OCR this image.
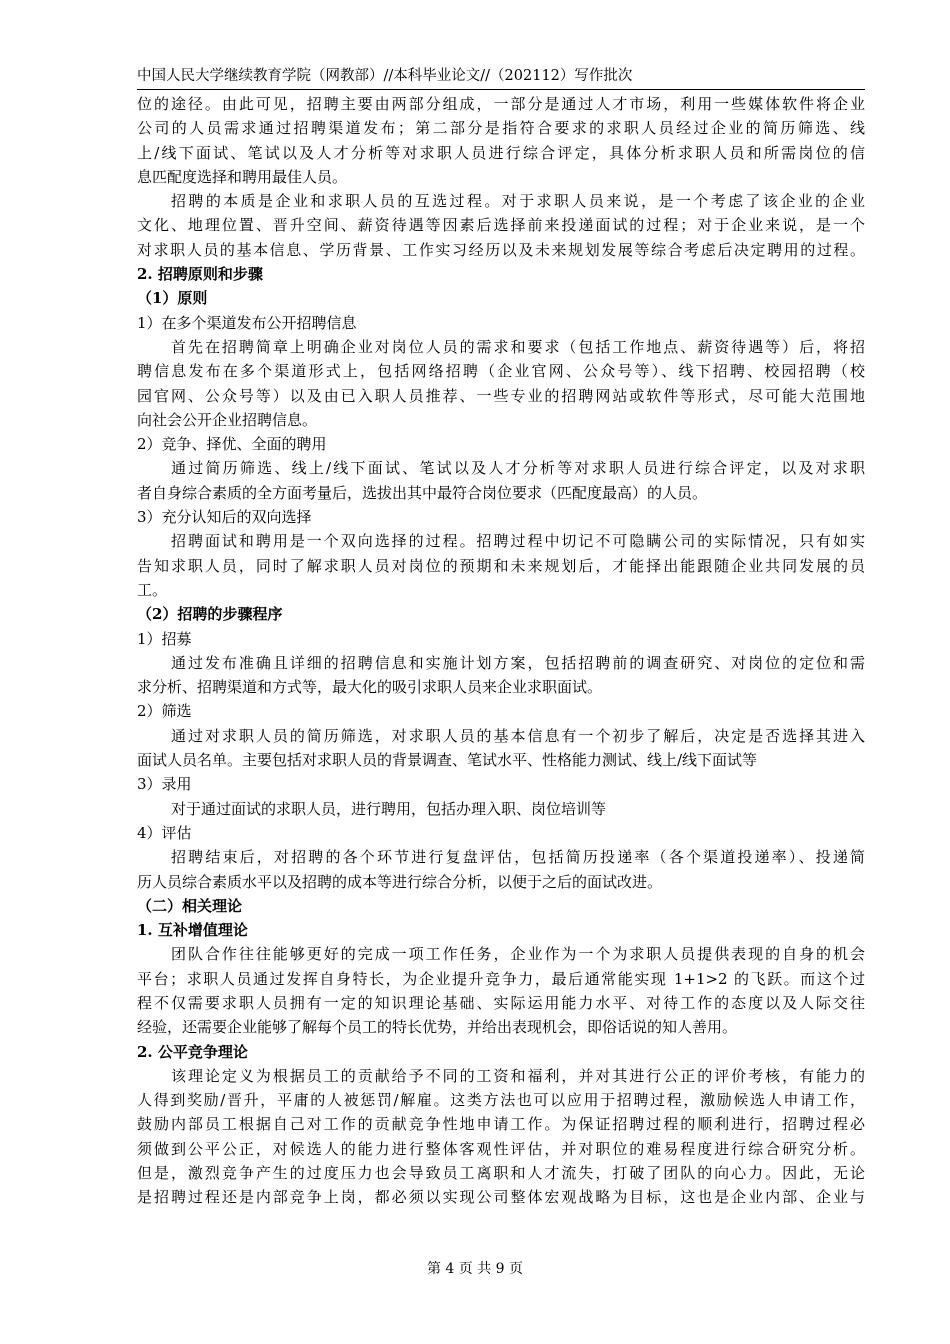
中国人民大学继续教育学院（网教部）//本科毕业论文//（202112）写作批次
位的途径。由此可见，招聘主要由两部分组成，一部分是通过人才市场，利用一些媒体软件将企业
公司的人员需求通过招聘渠道发布；第二部分是指符合要求的求职人员经过企业的简历筛选、线
上/线下面试、笔试以及人才分析等对求职人员进行综合评定，具体分析求职人员和所需岗位的信
息匹配度选择和聘用最佳人员。
招聘的本质是企业和求职人员的互选过程。对于求职人员来说，是一个考虑了该企业的企业
文化、地理位置、晋升空间、薪资待遇等因素后选择前来投递面试的过程；对于企业来说，是一个
对求职人员的基本信息、学历背景、工作实习经历以及未来规划发展等综合考虑后决定聘用的过程。
2. 招聘原则和步骤
（1）原则
1）在多个渠道发布公开招聘信息
首先在招聘简章上明确企业对岗位人员的需求和要求（包括工作地点、薪资待遇等）后，将招
聘信息发布在多个渠道形式上，包括网络招聘（企业官网、公众号等）、线下招聘、校园招聘（校
园官网、公众号等）以及由已入职人员推荐、一些专业的招聘网站或软件等形式，尽可能大范围地
向社会公开企业招聘信息。
2）竞争、择优、全面的聘用
通过简历筛选、线上/线下面试、笔试以及人才分析等对求职人员进行综合评定，以及对求职
者自身综合素质的全方面考量后，选拔出其中最符合岗位要求（匹配度最高）的人员。
3）充分认知后的双向选择
招聘面试和聘用是一个双向选择的过程。招聘过程中切记不可隐瞒公司的实际情况，只有如实
告知求职人员，同时了解求职人员对岗位的预期和未来规划后，才能择出能跟随企业共同发展的员
工。
（2）招聘的步骤程序
1）招募
通过发布准确且详细的招聘信息和实施计划方案，包括招聘前的调查研究、对岗位的定位和需
求分析、招聘渠道和方式等，最大化的吸引求职人员来企业求职面试。
2）筛选
通过对求职人员的简历筛选，对求职人员的基本信息有一个初步了解后，决定是否选择其进入
面试人员名单。主要包括对求职人员的背景调查、笔试水平、性格能力测试、线上/线下面试等
3）录用
对于通过面试的求职人员，进行聘用，包括办理入职、岗位培训等
4）评估
招聘结束后，对招聘的各个环节进行复盘评估，包括简历投递率（各个渠道投递率）、投递简
历人员综合素质水平以及招聘的成本等进行综合分析，以便于之后的面试改进。
（二）相关理论
1. 互补增值理论
团队合作往往能够更好的完成一项工作任务，企业作为一个为求职人员提供表现的自身的机会
平台；求职人员通过发挥自身特长，为企业提升竞争力，最后通常能实现 1+1>2 的飞跃。而这个过
程不仅需要求职人员拥有一定的知识理论基础、实际运用能力水平、对待工作的态度以及人际交往
经验，还需要企业能够了解每个员工的特长优势，并给出表现机会，即俗话说的知人善用。
2. 公平竞争理论
该理论定义为根据员工的贡献给予不同的工资和福利，并对其进行公正的评价考核，有能力的
人得到奖励/晋升，平庸的人被惩罚/解雇。这类方法也可以应用于招聘过程，激励候选人申请工作，
鼓励内部员工根据自己对工作的贡献竞争性地申请工作。为保证招聘过程的顺利进行，招聘过程必
须做到公平公正，对候选人的能力进行整体客观性评估，并对职位的难易程度进行综合研究分析。
但是，激烈竞争产生的过度压力也会导致员工离职和人才流失，打破了团队的向心力。因此，无论
是招聘过程还是内部竞争上岗，都必须以实现公司整体宏观战略为目标，这也是企业内部、企业与
第 4 页 共 9 页
